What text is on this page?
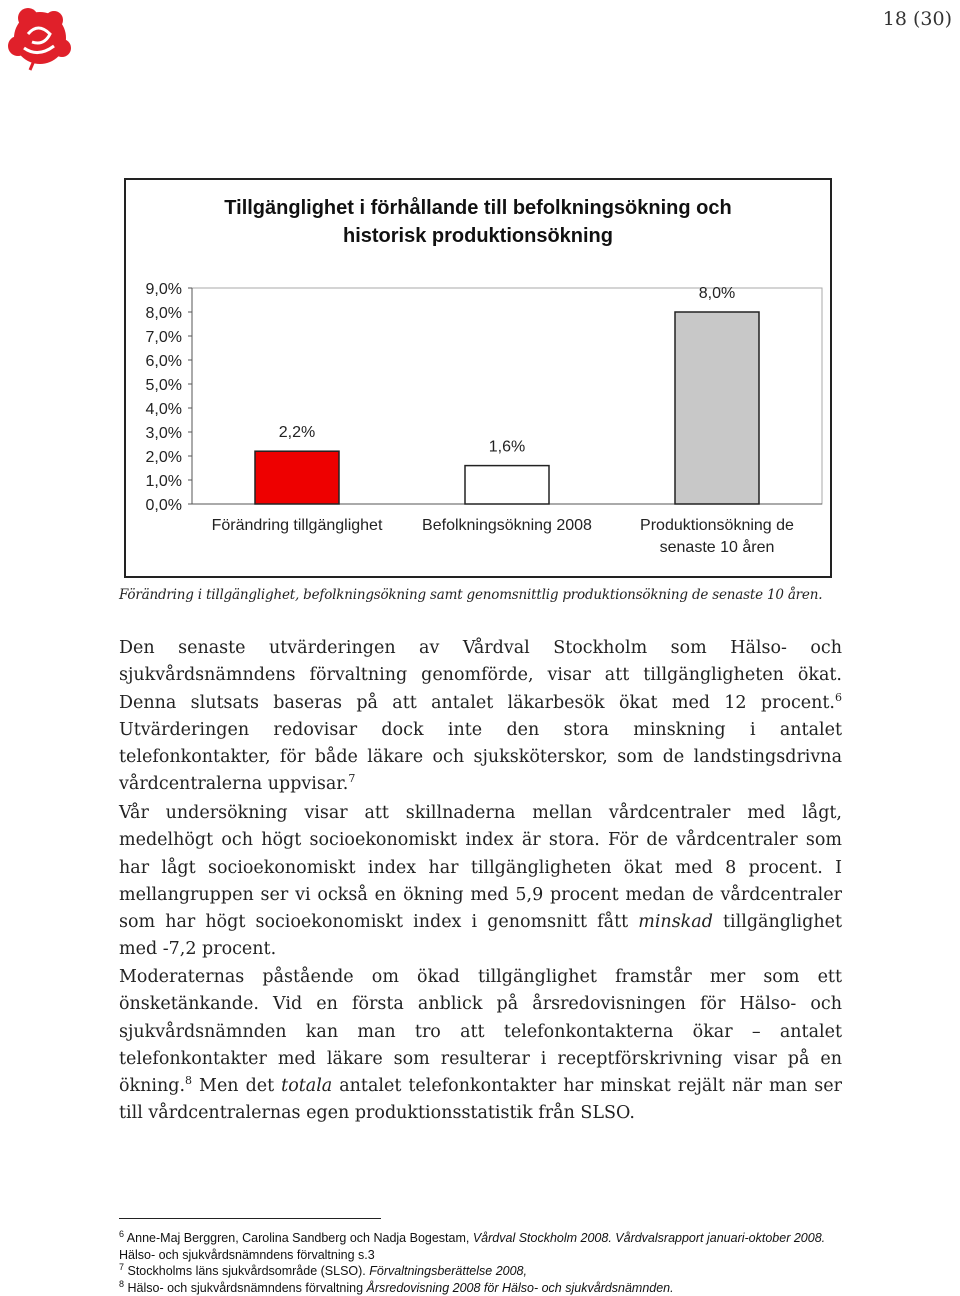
18 (30)
Tillgänglighet i förhållande till befolkningsökning och
historisk produktionsökning
0,0%
1,0%
2,0%
3,0%
4,0%
5,0%
6,0%
7,0%
8,0%
9,0%
2,2%
Förändring tillgänglighet
1,6%
Befolkningsökning 2008
8,0%
Produktionsökning de
senaste 10 åren
Förändring i tillgänglighet, befolkningsökning samt genomsnittlig produktionsökning de senaste 10 åren.

Den senaste utvärderingen av Vårdval Stockholm som Hälso- och sjukvårdsnämndens förvaltning genomförde, visar att tillgängligheten ökat. Denna slutsats baseras på att antalet läkarbesök ökat med 12 procent.$^6$ Utvärderingen redovisar dock inte den stora minskning i antalet telefonkontakter, för både läkare och sjuksköterskor, som de landstingsdrivna vårdcentralerna uppvisar.$^7$

Vår undersökning visar att skillnaderna mellan vårdcentraler med lågt, medelhögt och högt socioekonomiskt index är stora. För de vårdcentraler som har lågt socioekonomiskt index har tillgängligheten ökat med 8 procent. I mellangruppen ser vi också en ökning med 5,9 procent medan de vårdcentraler som har högt socioekonomiskt index i genomsnitt fått minskad tillgänglighet med -7,2 procent.

Moderaternas påstående om ökad tillgänglighet framstår mer som ett önsketänkande. Vid en första anblick på årsredovisningen för Hälso- och sjukvårdsnämnden kan man tro att telefonkontakterna ökar – antalet telefonkontakter med läkare som resulterar i receptförskrivning visar på en ökning.$^8$ Men det totala antalet telefonkontakter har minskat rejält när man ser till vårdcentralernas egen produktionsstatistik från SLSO.

$^6$ Anne-Maj Berggren, Carolina Sandberg och Nadja Bogestam, Vårdval Stockholm 2008. Vårdvalsrapport januari-oktober 2008.
Hälso- och sjukvårdsnämndens förvaltning s.3
$^7$ Stockholms läns sjukvårdsområde (SLSO). Förvaltningsberättelse 2008,
$^8$ Hälso- och sjukvårdsnämndens förvaltning Årsredovisning 2008 för Hälso- och sjukvårdsnämnden.
